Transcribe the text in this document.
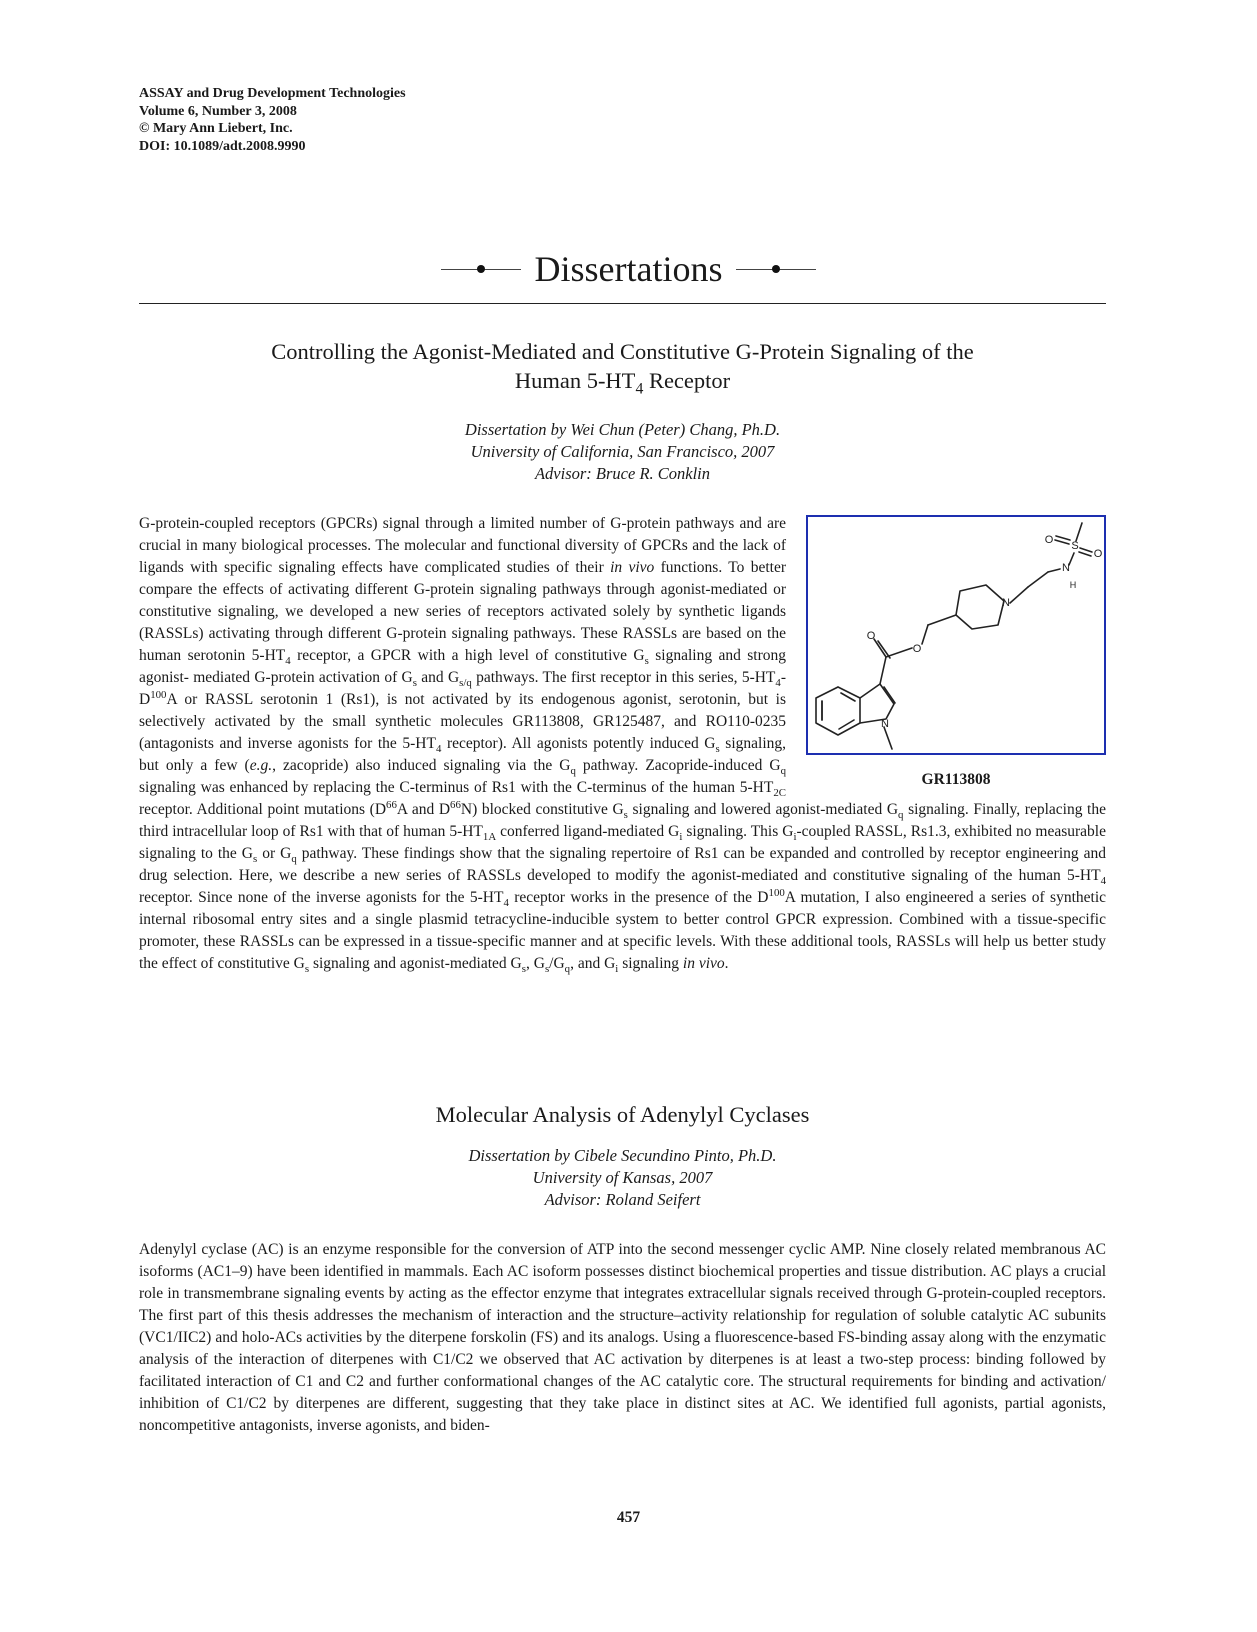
ASSAY and Drug Development Technologies
Volume 6, Number 3, 2008
© Mary Ann Liebert, Inc.
DOI: 10.1089/adt.2008.9990
Dissertations
Controlling the Agonist-Mediated and Constitutive G-Protein Signaling of the
Human $5-HT_4$ Receptor
Dissertation by Wei Chun (Peter) Chang, Ph.D.
University of California, San Francisco, 2007
Advisor: Bruce R. Conklin
O S
O
N
H
N
O
O
N
GR113808

G-protein-coupled receptors (GPCRs) signal through a limited number of G-protein pathways and are crucial in many biological processes. The molecular and functional diversity of GPCRs and the lack of ligands with specific signaling effects have complicated studies of their in vivo functions. To better compare the effects of activating different G-protein signaling pathways through agonist-mediated or constitutive signaling, we developed a new series of receptors activated solely by synthetic ligands (RASSLs) activating through different G-protein signaling pathways. These RASSLs are based on the human serotonin $5-HT_4$ receptor, a GPCR with a high level of constitutive $G_s$ signaling and strong agonist- mediated G-protein activation of $G_s$ and $G_{s/q}$ pathways. The first receptor in this series, $5-HT_4-D^{100}A$ or RASSL serotonin 1 (Rs1), is not activated by its endogenous agonist, serotonin, but is selectively activated by the small synthetic molecules GR113808, GR125487, and RO110-0235 (antagonists and inverse agonists for the $5-HT_4$ receptor). All agonists potently induced $G_s$ signaling, but only a few (e.g., zacopride) also induced signaling via the $G_q$ pathway. Zacopride-induced $G_q$ signaling was enhanced by replacing the C-terminus of Rs1 with the C-terminus of the human $5-HT_{2C}$ receptor. Additional point mutations ($D^{66}A$ and $D^{66}N$) blocked constitutive $G_s$ signaling and lowered agonist-mediated $G_q$ signaling. Finally, replacing the third intracellular loop of Rs1 with that of human $5-HT_{1A}$ conferred ligand-mediated $G_i$ signaling. This $G_i$-coupled RASSL, Rs1.3, exhibited no measurable signaling to the $G_s$ or $G_q$ pathway. These findings show that the signaling repertoire of Rs1 can be expanded and controlled by receptor engineering and drug selection. Here, we describe a new series of RASSLs developed to modify the agonist-mediated and constitutive signaling of the human $5-HT_4$ receptor. Since none of the inverse agonists for the $5-HT_4$ receptor works in the presence of the $D^{100}A$ mutation, I also engineered a series of synthetic internal ribosomal entry sites and a single plasmid tetracycline-inducible system to better control GPCR expression. Combined with a tissue-specific promoter, these RASSLs can be expressed in a tissue-specific manner and at specific levels. With these additional tools, RASSLs will help us better study the effect of constitutive $G_s$ signaling and agonist-mediated $G_s$, $G_s/G_q$, and $G_i$ signaling in vivo.

Molecular Analysis of Adenylyl Cyclases
Dissertation by Cibele Secundino Pinto, Ph.D.
University of Kansas, 2007
Advisor: Roland Seifert

Adenylyl cyclase (AC) is an enzyme responsible for the conversion of ATP into the second messenger cyclic AMP. Nine closely related membranous AC isoforms (AC1–9) have been identified in mammals. Each AC isoform possesses distinct biochemical properties and tissue distribution. AC plays a crucial role in transmembrane signaling events by acting as the effector enzyme that integrates extracellular signals received through G-protein-coupled receptors. The first part of this thesis addresses the mechanism of interaction and the structure–activity relationship for regulation of soluble catalytic AC subunits (VC1/IIC2) and holo-ACs activities by the diterpene forskolin (FS) and its analogs. Using a fluorescence-based FS-binding assay along with the enzymatic analysis of the interaction of diterpenes with C1/C2 we observed that AC activation by diterpenes is at least a two-step process: binding followed by facilitated interaction of C1 and C2 and further conformational changes of the AC catalytic core. The structural requirements for binding and activation/ inhibition of C1/C2 by diterpenes are different, suggesting that they take place in distinct sites at AC. We identified full agonists, partial agonists, noncompetitive antagonists, inverse agonists, and biden-

457
